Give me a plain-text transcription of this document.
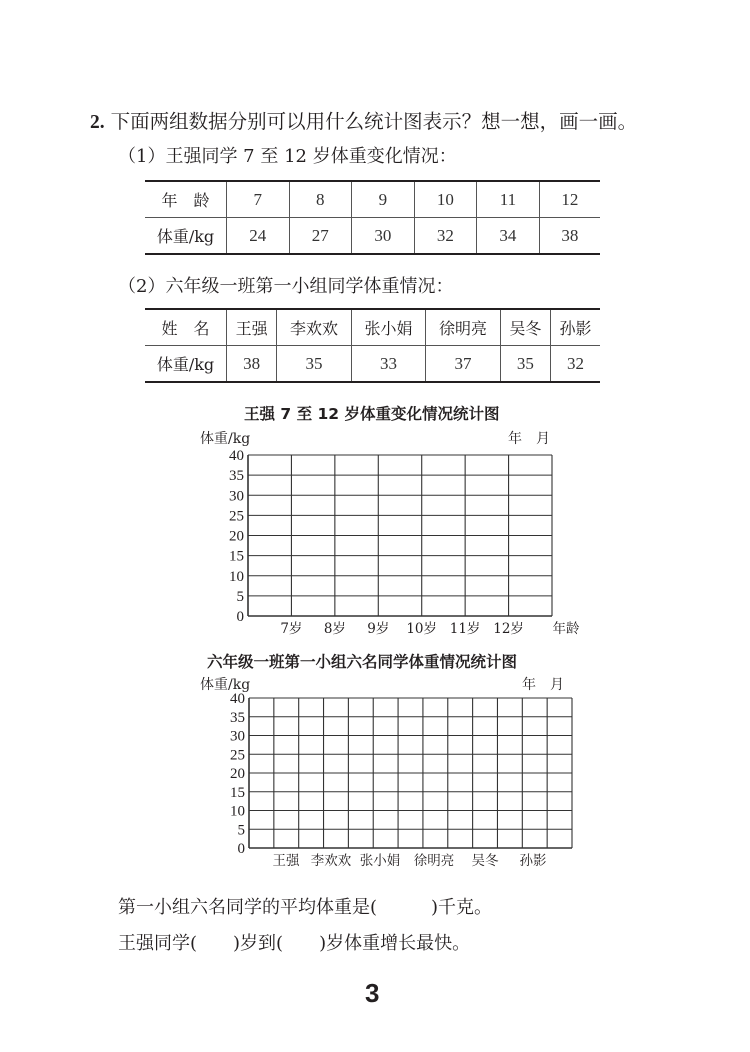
2. 下面两组数据分别可以用什么统计图表示？想一想，画一画。
（1）王强同学 7 至 12 岁体重变化情况：
年　龄	7	8	9	10	11	12
体重/kg	24	27	30	32	34	38
（2）六年级一班第一小组同学体重情况：
姓　名	王强	李欢欢	张小娟	徐明亮	吴冬	孙影
体重/kg	38	35	33	37	35	32
王强 7 至 12 岁体重变化情况统计图
体重/kg	年　月
六年级一班第一小组六名同学体重情况统计图
体重/kg	年　月
0
5
10
15
20
25
30
35
40
7岁 8岁 9岁 10岁 11岁 12岁 年龄
0
5
10
15
20
25
30
35
40
王强 李欢欢 张小娟 徐明亮 吴冬 孙影
第一小组六名同学的平均体重是(　　　)千克。
王强同学(　　)岁到(　　)岁体重增长最快。
3
